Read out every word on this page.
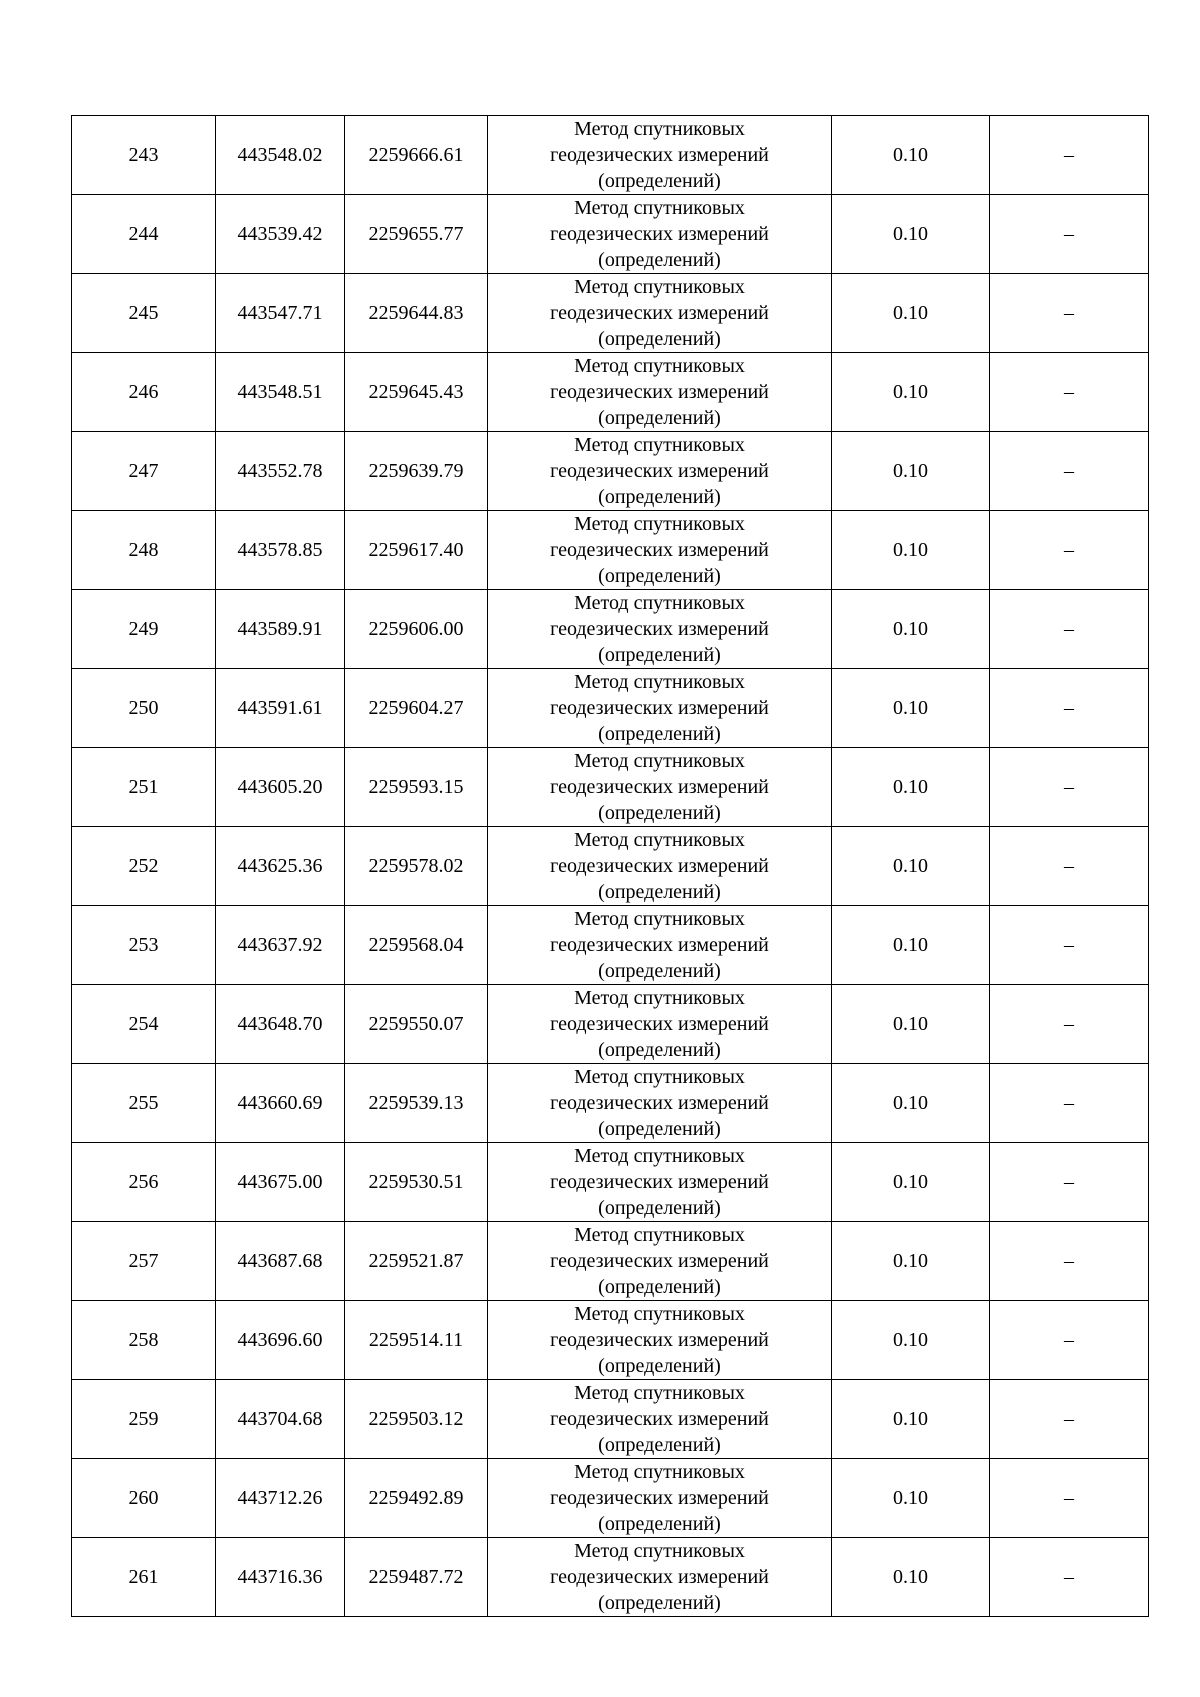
243	443548.02	2259666.61	Метод спутниковых
геодезических измерений
(определений)	0.10	–
244	443539.42	2259655.77	Метод спутниковых
геодезических измерений
(определений)	0.10	–
245	443547.71	2259644.83	Метод спутниковых
геодезических измерений
(определений)	0.10	–
246	443548.51	2259645.43	Метод спутниковых
геодезических измерений
(определений)	0.10	–
247	443552.78	2259639.79	Метод спутниковых
геодезических измерений
(определений)	0.10	–
248	443578.85	2259617.40	Метод спутниковых
геодезических измерений
(определений)	0.10	–
249	443589.91	2259606.00	Метод спутниковых
геодезических измерений
(определений)	0.10	–
250	443591.61	2259604.27	Метод спутниковых
геодезических измерений
(определений)	0.10	–
251	443605.20	2259593.15	Метод спутниковых
геодезических измерений
(определений)	0.10	–
252	443625.36	2259578.02	Метод спутниковых
геодезических измерений
(определений)	0.10	–
253	443637.92	2259568.04	Метод спутниковых
геодезических измерений
(определений)	0.10	–
254	443648.70	2259550.07	Метод спутниковых
геодезических измерений
(определений)	0.10	–
255	443660.69	2259539.13	Метод спутниковых
геодезических измерений
(определений)	0.10	–
256	443675.00	2259530.51	Метод спутниковых
геодезических измерений
(определений)	0.10	–
257	443687.68	2259521.87	Метод спутниковых
геодезических измерений
(определений)	0.10	–
258	443696.60	2259514.11	Метод спутниковых
геодезических измерений
(определений)	0.10	–
259	443704.68	2259503.12	Метод спутниковых
геодезических измерений
(определений)	0.10	–
260	443712.26	2259492.89	Метод спутниковых
геодезических измерений
(определений)	0.10	–
261	443716.36	2259487.72	Метод спутниковых
геодезических измерений
(определений)	0.10	–
